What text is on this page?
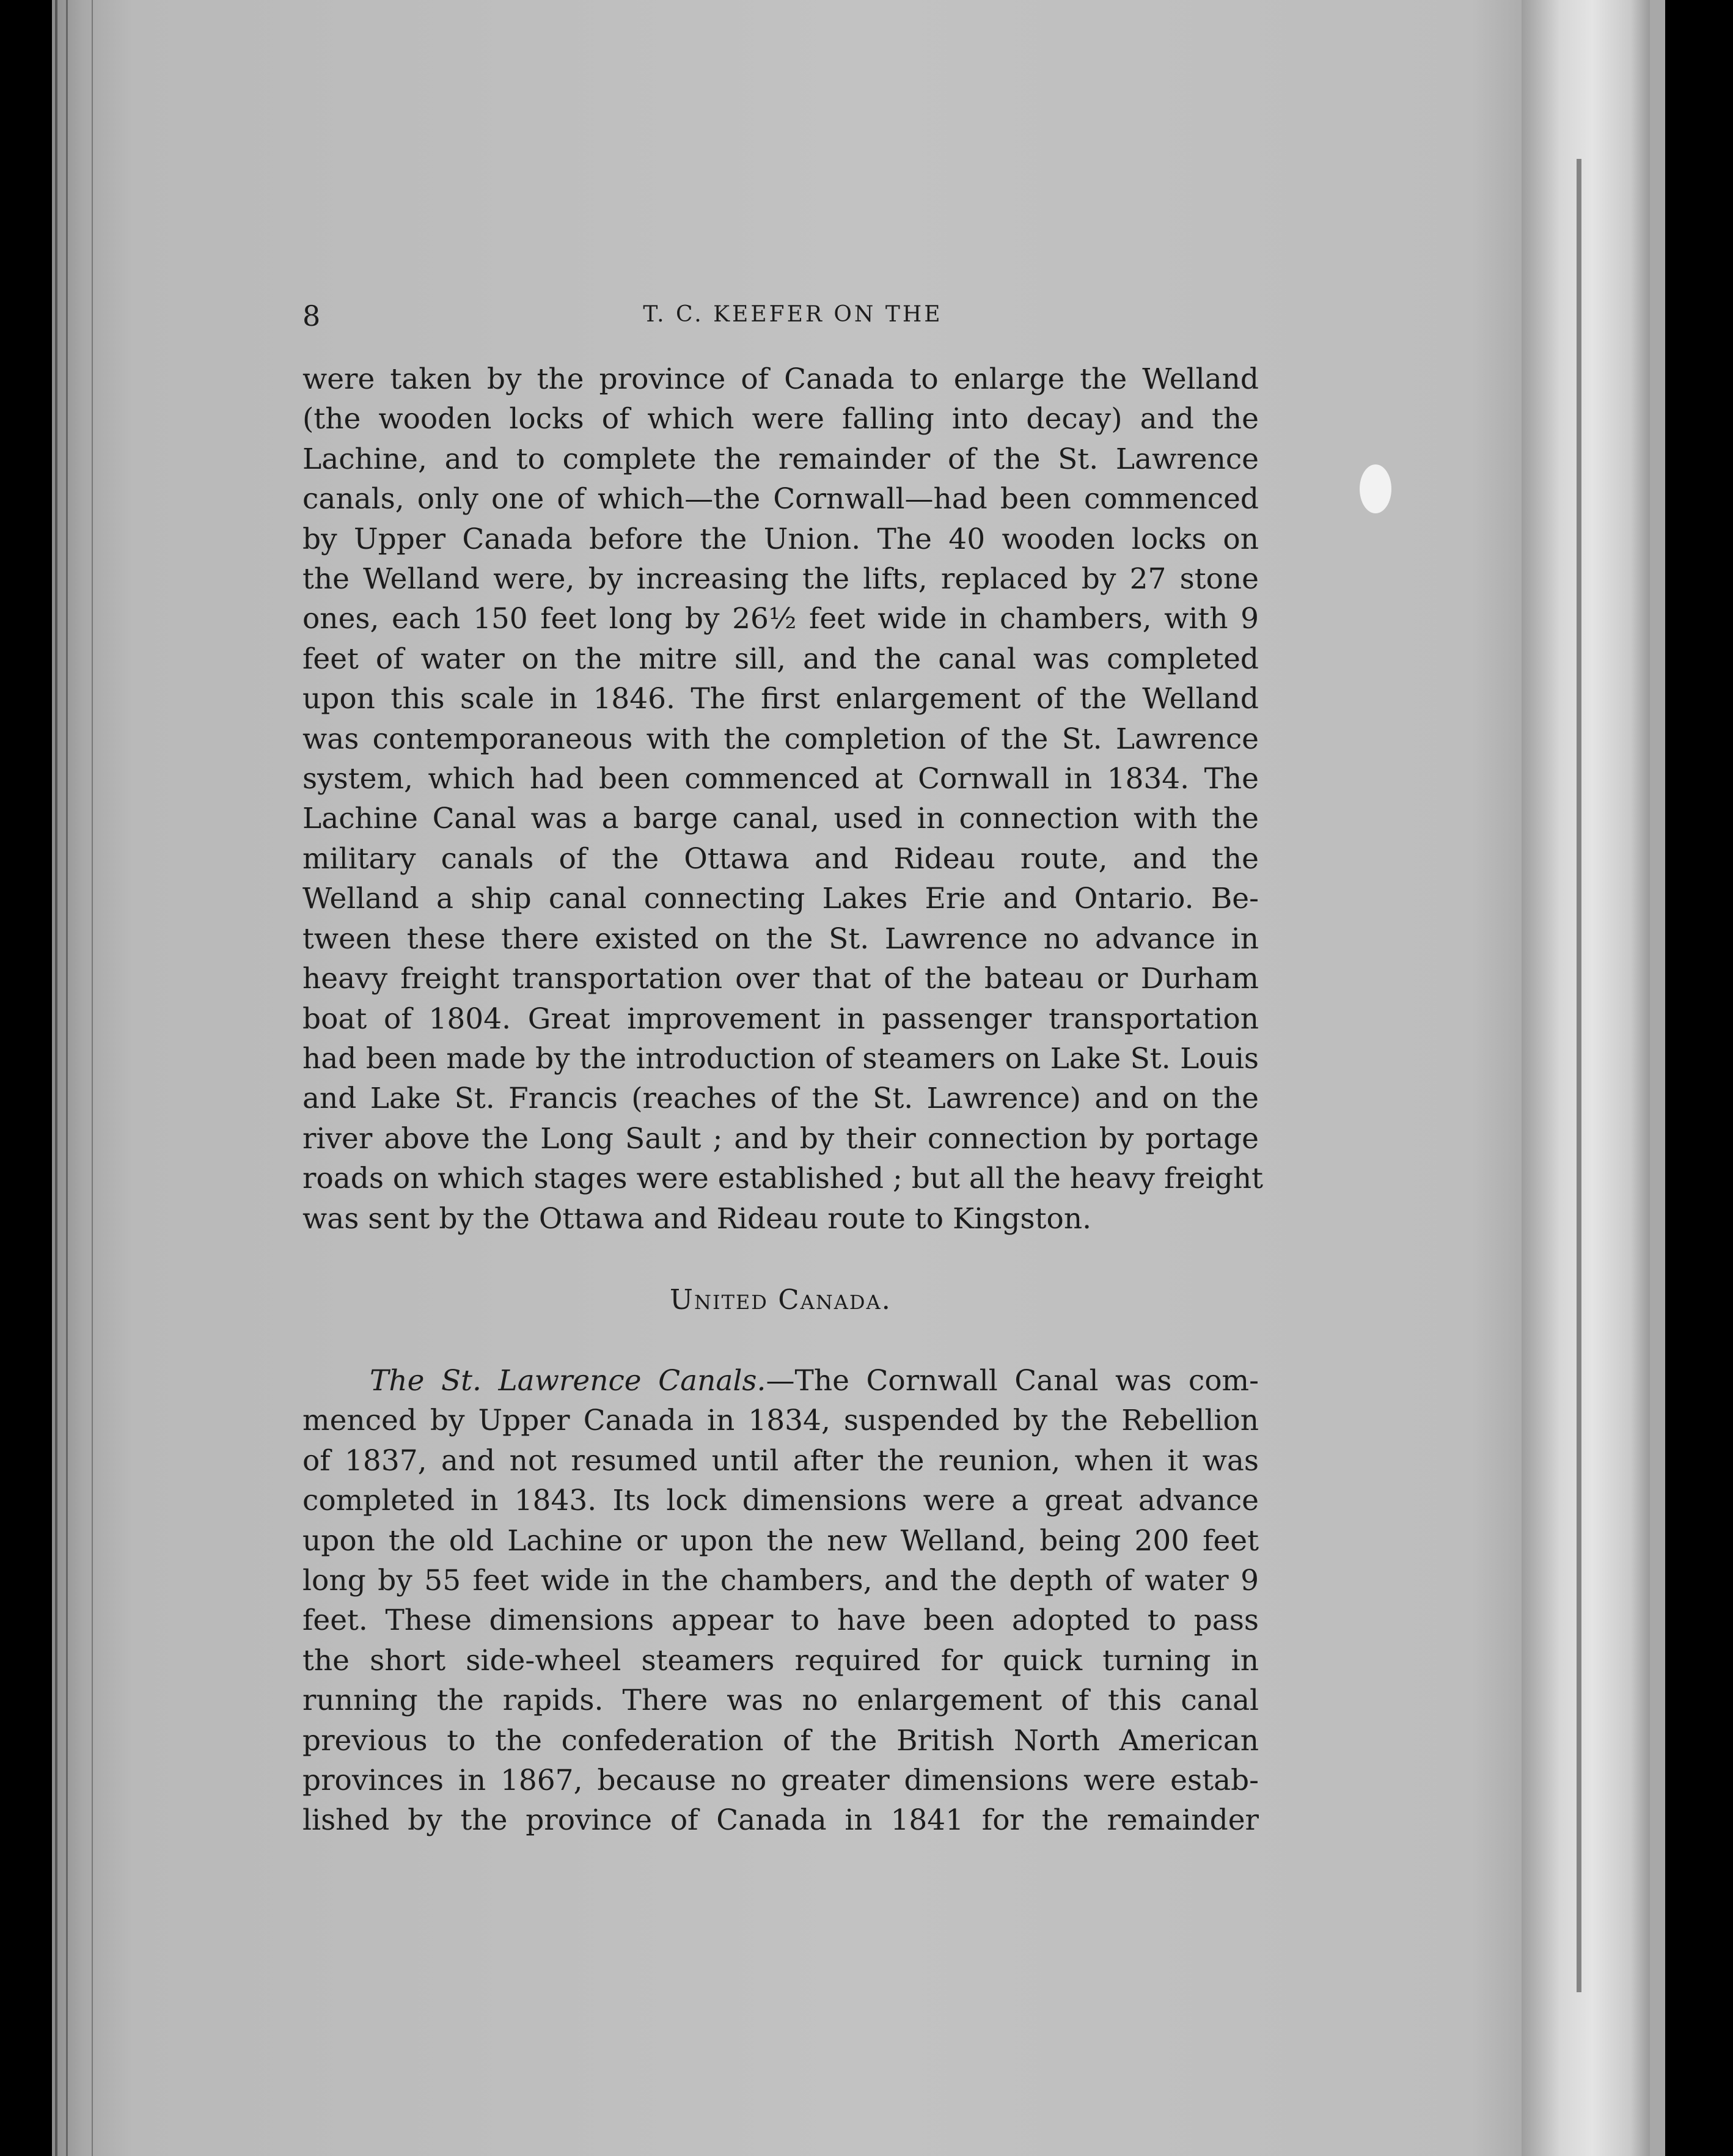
8	T. C. KEEFER ON THE

were taken by the province of Canada to enlarge the Welland
(the wooden locks of which were falling into decay) and the
Lachine, and to complete the remainder of the St. Lawrence
canals, only one of which—the Cornwall—had been commenced
by Upper Canada before the Union. The 40 wooden locks on
the Welland were, by increasing the lifts, replaced by 27 stone
ones, each 150 feet long by 26½ feet wide in chambers, with 9
feet of water on the mitre sill, and the canal was completed
upon this scale in 1846. The first enlargement of the Welland
was contemporaneous with the completion of the St. Lawrence
system, which had been commenced at Cornwall in 1834. The
Lachine Canal was a barge canal, used in connection with the
military canals of the Ottawa and Rideau route, and the
Welland a ship canal connecting Lakes Erie and Ontario. Be-
tween these there existed on the St. Lawrence no advance in
heavy freight transportation over that of the bateau or Durham
boat of 1804. Great improvement in passenger transportation
had been made by the introduction of steamers on Lake St. Louis
and Lake St. Francis (reaches of the St. Lawrence) and on the
river above the Long Sault ; and by their connection by portage
roads on which stages were established ; but all the heavy freight
was sent by the Ottawa and Rideau route to Kingston.

United Canada.

The St. Lawrence Canals.—The Cornwall Canal was com-
menced by Upper Canada in 1834, suspended by the Rebellion
of 1837, and not resumed until after the reunion, when it was
completed in 1843. Its lock dimensions were a great advance
upon the old Lachine or upon the new Welland, being 200 feet
long by 55 feet wide in the chambers, and the depth of water 9
feet. These dimensions appear to have been adopted to pass
the short side-wheel steamers required for quick turning in
running the rapids. There was no enlargement of this canal
previous to the confederation of the British North American
provinces in 1867, because no greater dimensions were estab-
lished by the province of Canada in 1841 for the remainder
